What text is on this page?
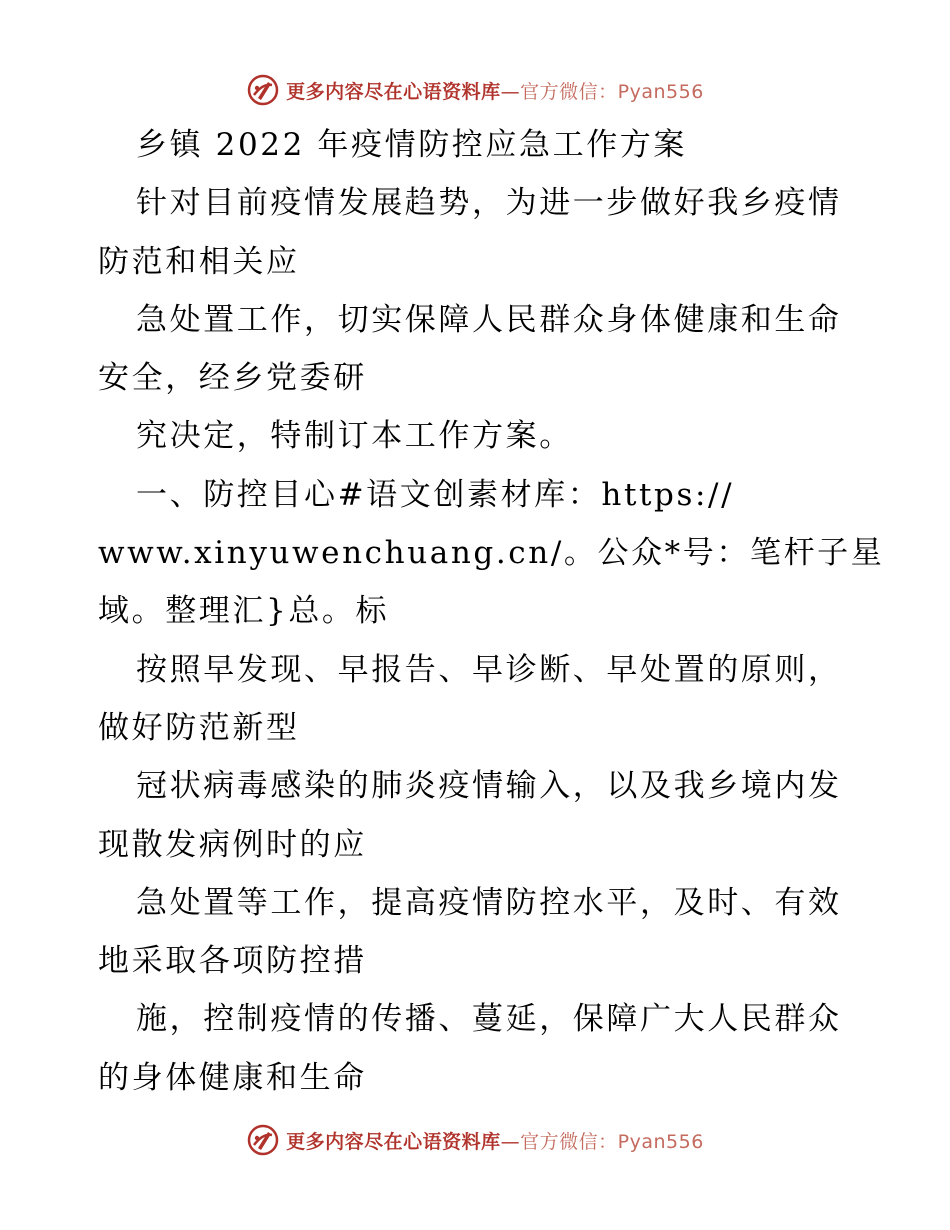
更多内容尽在心语资料库—官方微信：Pyan556
乡镇 2022 年疫情防控应急工作方案
针对目前疫情发展趋势，为进一步做好我乡疫情
防范和相关应
急处置工作，切实保障人民群众身体健康和生命
安全，经乡党委研
究决定，特制订本工作方案。
一、防控目心#语文创素材库：https://
www.xinyuwenchuang.cn/。公众*号：笔杆子星
域。整理汇}总。标
按照早发现、早报告、早诊断、早处置的原则，
做好防范新型
冠状病毒感染的肺炎疫情输入，以及我乡境内发
现散发病例时的应
急处置等工作，提高疫情防控水平，及时、有效
地采取各项防控措
施，控制疫情的传播、蔓延，保障广大人民群众
的身体健康和生命
更多内容尽在心语资料库—官方微信：Pyan556
